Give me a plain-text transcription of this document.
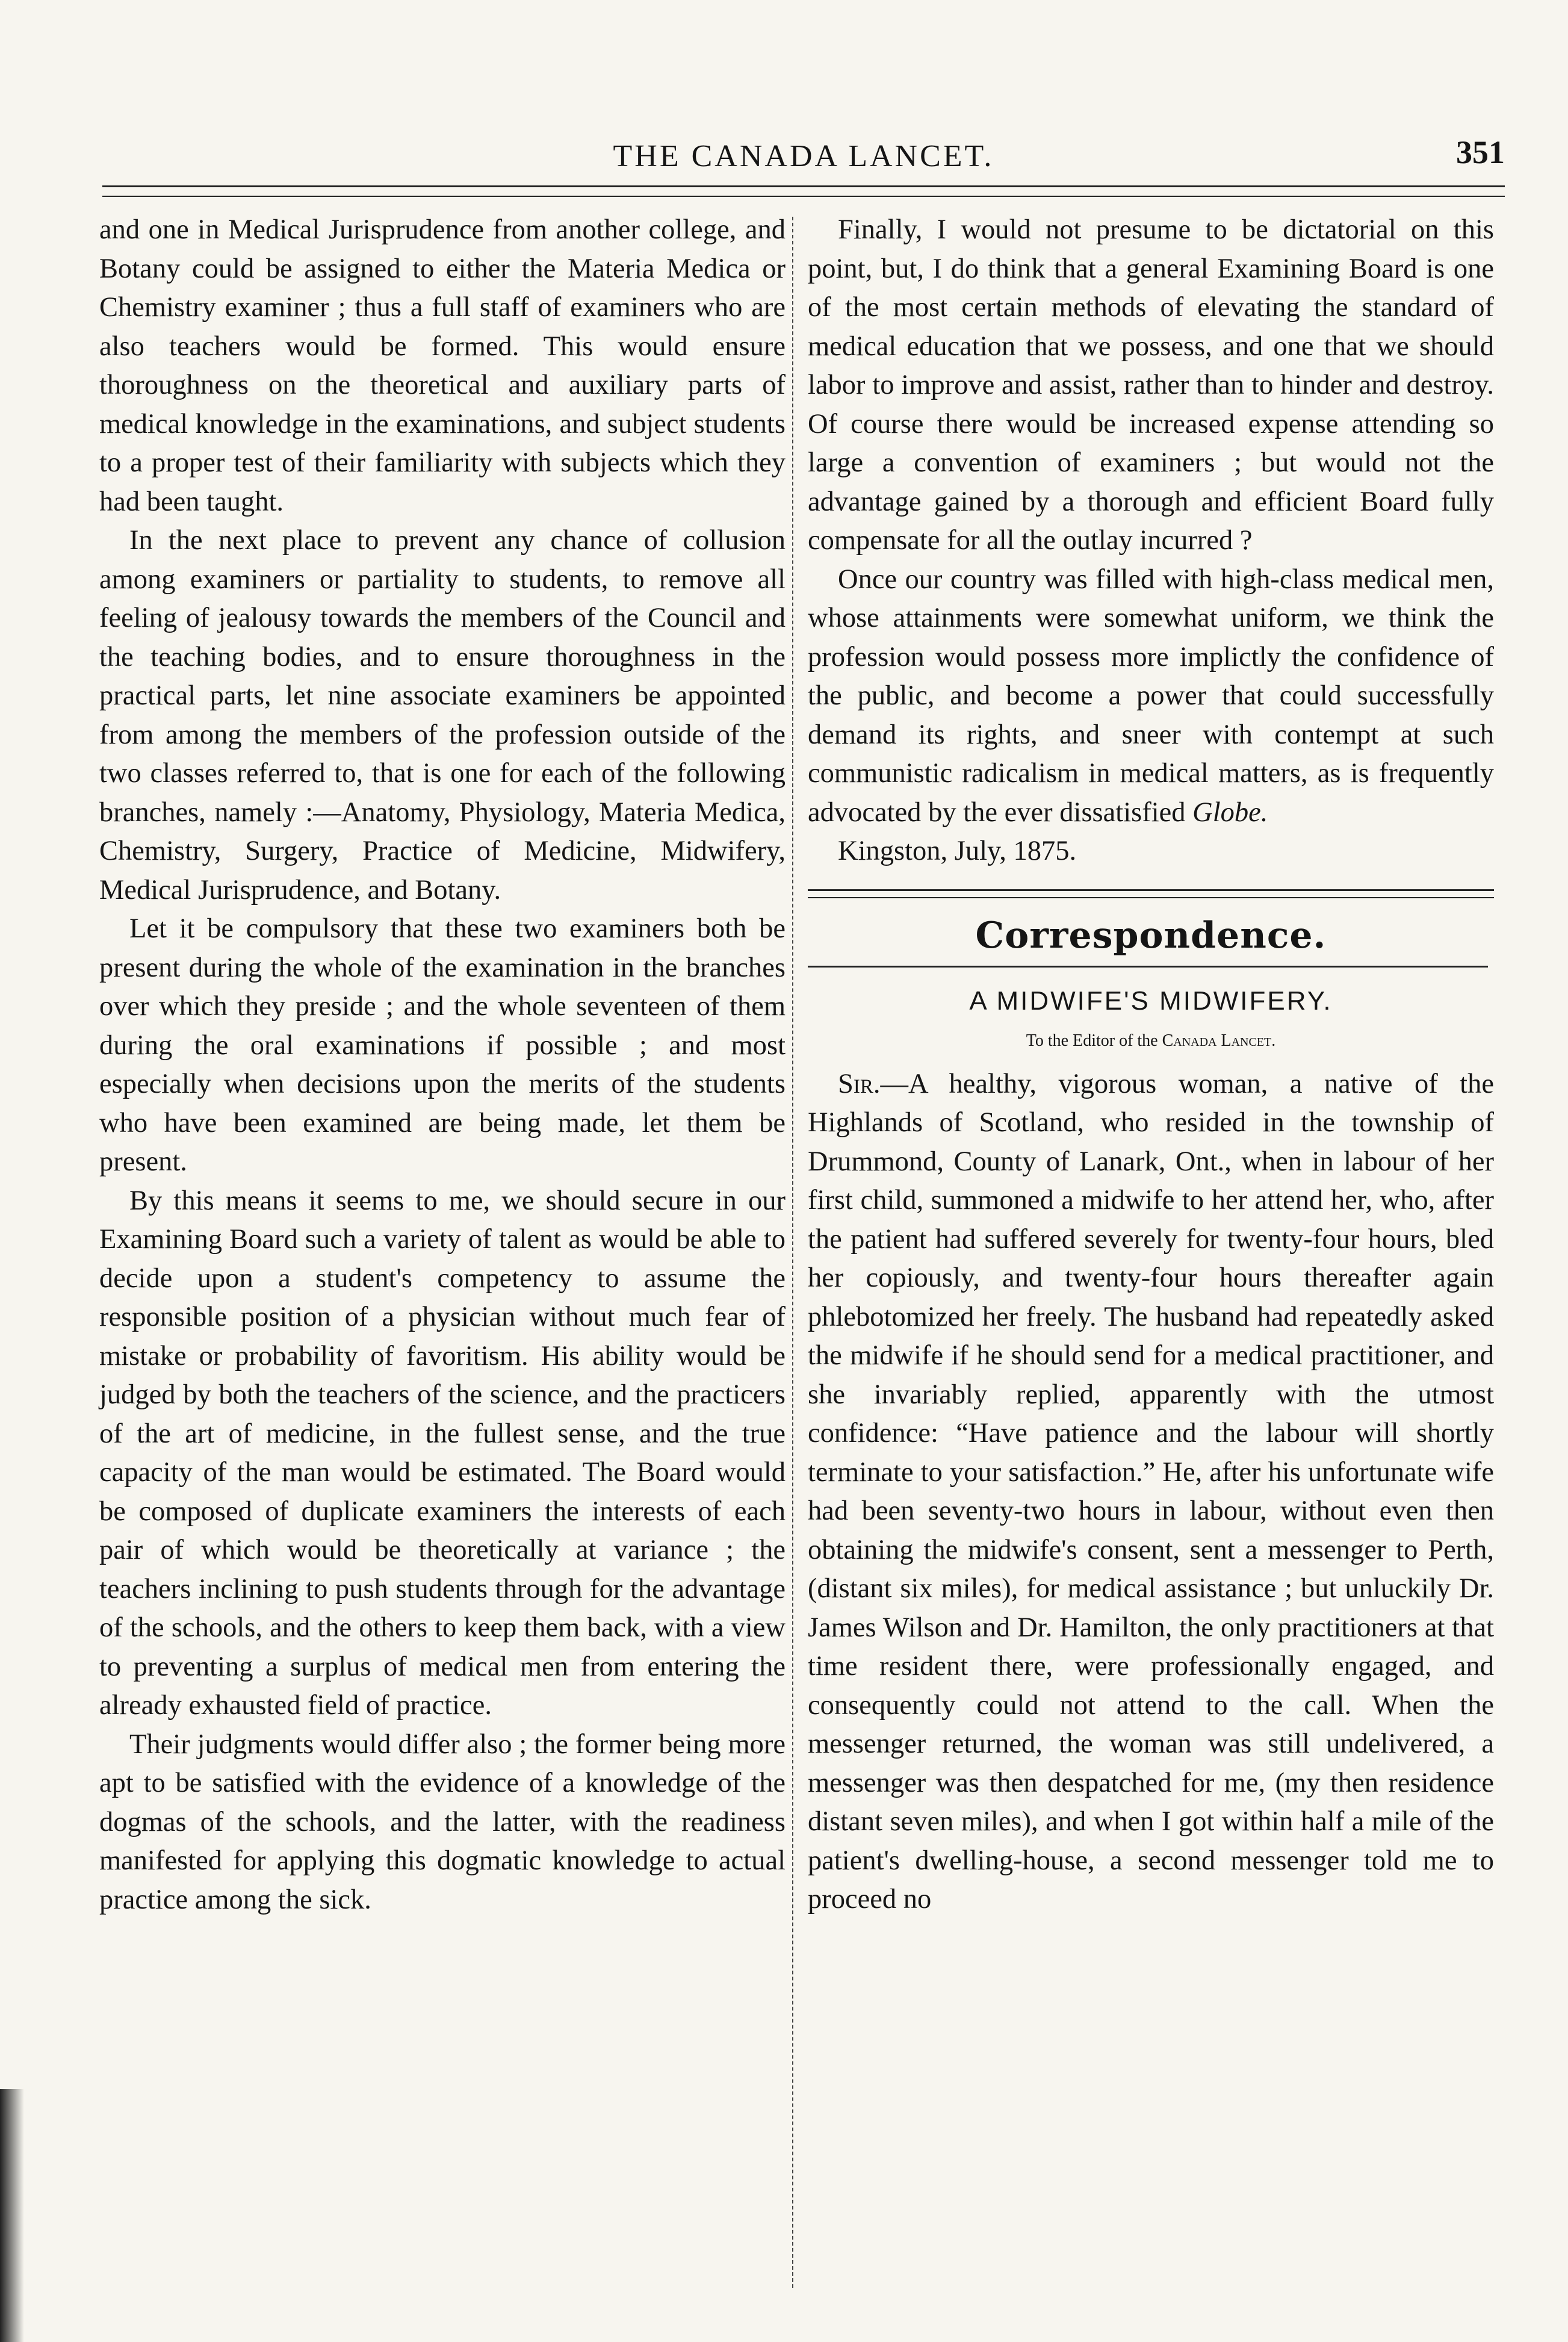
THE CANADA LANCET.	351

and one in Medical Jurisprudence from another college, and Botany could be assigned to either the Materia Medica or Chemistry examiner ; thus a full staff of examiners who are also teachers would be formed. This would ensure thoroughness on the theoretical and auxiliary parts of medical knowledge in the examinations, and subject students to a proper test of their familiarity with subjects which they had been taught.

In the next place to prevent any chance of collusion among examiners or partiality to students, to remove all feeling of jealousy towards the members of the Council and the teaching bodies, and to ensure thoroughness in the practical parts, let nine associate examiners be appointed from among the members of the profession outside of the two classes referred to, that is one for each of the following branches, namely :—Anatomy, Physiology, Materia Medica, Chemistry, Surgery, Practice of Medicine, Midwifery, Medical Jurisprudence, and Botany.

Let it be compulsory that these two examiners both be present during the whole of the examination in the branches over which they preside ; and the whole seventeen of them during the oral examinations if possible ; and most especially when decisions upon the merits of the students who have been examined are being made, let them be present.

By this means it seems to me, we should secure in our Examining Board such a variety of talent as would be able to decide upon a student's competency to assume the responsible position of a physician without much fear of mistake or probability of favoritism. His ability would be judged by both the teachers of the science, and the practicers of the art of medicine, in the fullest sense, and the true capacity of the man would be estimated. The Board would be composed of duplicate examiners the interests of each pair of which would be theoretically at variance ; the teachers inclining to push students through for the advantage of the schools, and the others to keep them back, with a view to preventing a surplus of medical men from entering the already exhausted field of practice.

Their judgments would differ also ; the former being more apt to be satisfied with the evidence of a knowledge of the dogmas of the schools, and the latter, with the readiness manifested for applying this dogmatic knowledge to actual practice among the sick.

Finally, I would not presume to be dictatorial on this point, but, I do think that a general Examining Board is one of the most certain methods of elevating the standard of medical education that we possess, and one that we should labor to improve and assist, rather than to hinder and destroy. Of course there would be increased expense attending so large a convention of examiners ; but would not the advantage gained by a thorough and efficient Board fully compensate for all the outlay incurred ?

Once our country was filled with high-class medical men, whose attainments were somewhat uniform, we think the profession would possess more implictly the confidence of the public, and become a power that could successfully demand its rights, and sneer with contempt at such communistic radicalism in medical matters, as is frequently advocated by the ever dissatisfied Globe.

Kingston, July, 1875.

Correspondence.
A MIDWIFE'S MIDWIFERY.
To the Editor of the Canada Lancet.

Sir.—A healthy, vigorous woman, a native of the Highlands of Scotland, who resided in the township of Drummond, County of Lanark, Ont., when in labour of her first child, summoned a midwife to her attend her, who, after the patient had suffered severely for twenty-four hours, bled her copiously, and twenty-four hours thereafter again phlebotomized her freely. The husband had repeatedly asked the midwife if he should send for a medical practitioner, and she invariably replied, apparently with the utmost confidence: “Have patience and the labour will shortly terminate to your satisfaction.” He, after his unfortunate wife had been seventy-two hours in labour, without even then obtaining the midwife's consent, sent a messenger to Perth, (distant six miles), for medical assistance ; but unluckily Dr. James Wilson and Dr. Hamilton, the only practitioners at that time resident there, were professionally engaged, and consequently could not attend to the call. When the messenger returned, the woman was still undelivered, a messenger was then despatched for me, (my then residence distant seven miles), and when I got within half a mile of the patient's dwelling-house, a second messenger told me to proceed no
